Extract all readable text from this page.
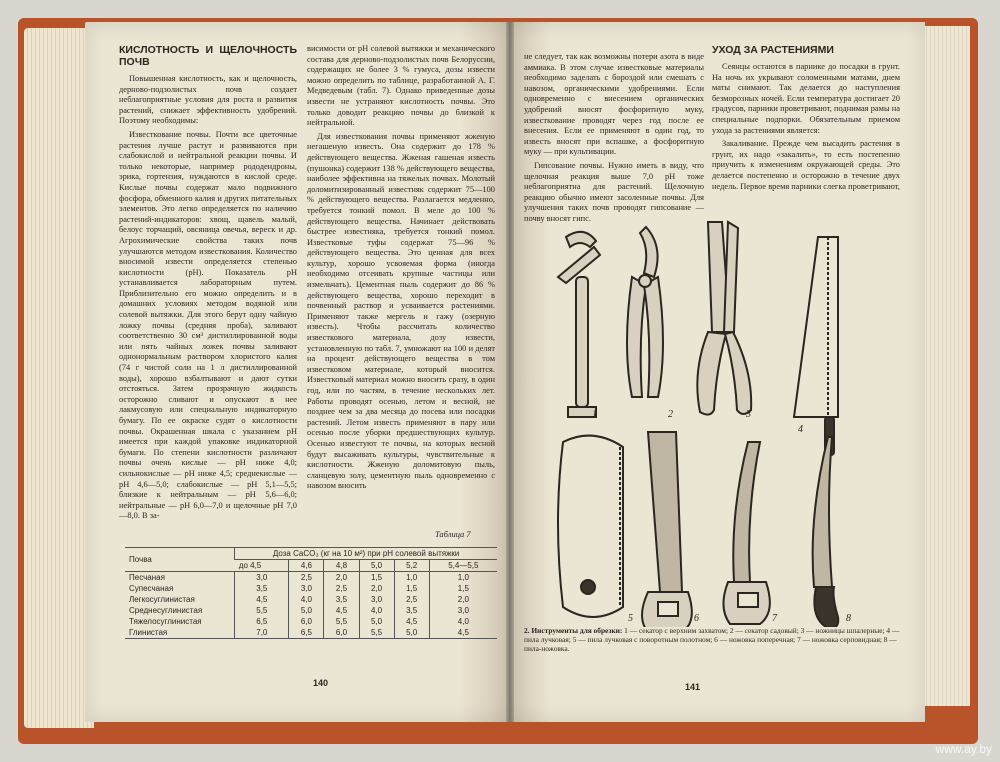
КИСЛОТНОСТЬ И ЩЕЛОЧНОСТЬ ПОЧВ

Повышенная кислотность, как и щелочность, дерново-подзолистых почв создает неблагоприятные условия для роста и развития растений, снижает эффективность удобрений. Поэтому необходимы:

Известкование почвы. Почти все цветочные растения лучше растут и развиваются при слабокислой и нейтральной реакции почвы. И только некоторые, например рододендроны, эрика, гортензия, нуждаются в кислой среде. Кислые почвы содержат мало подвижного фосфора, обменного калия и других питательных элементов. Это легко определяется по наличию растений-индикаторов: хвощ, щавель малый, белоус торчащий, овсяница овечья, вереск и др. Агрохимические свойства таких почв улучшаются методом известкования. Количество вносимой извести определяется степенью кислотности (pH). Показатель pH устанавливается лабораторным путем. Приблизительно его можно определить и в домашних условиях методом водяной или солевой вытяжки. Для этого берут одну чайную ложку почвы (средняя проба), заливают соответственно 30 см³ дистиллированной воды или пять чайных ложек почвы заливают однонормальным раствором хлористого калия (74 г чистой соли на 1 л дистиллированной воды), хорошо взбалтывают и дают сутки отстояться. Затем прозрачную жидкость осторожно сливают и опускают в нее лакмусовую или специальную индикаторную бумагу. По ее окраске судят о кислотности почвы. Окрашенная шкала с указанием pH имеется при каждой упаковке индикаторной бумаги. По степени кислотности различают почвы очень кислые — pH ниже 4,0; сильнокислые — pH ниже 4,5; среднекислые — pH 4,6—5,0; слабокислые — pH 5,1—5,5; близкие к нейтральным — pH 5,6—6,0; нейтральные — pH 6,0—7,0 и щелочные pH 7,0—8,0. В за-

висимости от pH солевой вытяжки и механического состава для дерново-подзолистых почв Белоруссии, содержащих не более 3 % гумуса, дозы извести можно определить по таблице, разработанной А. Г. Медведевым (табл. 7). Однако приведенные дозы извести не устраняют кислотность почвы. Это только доводит реакцию почвы до близкой к нейтральной.

Для известкования почвы применяют жженую негашеную известь. Она содержит до 178 % действующего вещества. Жженая гашеная известь (пушонка) содержит 138 % действующего вещества, наиболее эффективна на тяжелых почвах. Молотый доломитизированный известняк содержит 75—100 % действующего вещества. Разлагается медленно, требуется тонкий помол. В меле до 100 % действующего вещества. Начинает действовать быстрее известняка, требуется тонкий помол. Известковые туфы содержат 75—96 % действующего вещества. Это ценная для всех культур, хорошо усвояемая форма (иногда необходимо отсеивать крупные частицы или измельчать). Цементная пыль содержит до 86 % действующего вещества, хорошо переходит в почвенный раствор и усваивается растениями. Применяют также мергель и гажу (озерную известь). Чтобы рассчитать количество известкового материала, дозу извести, установленную по табл. 7, умножают на 100 и делят на процент действующего вещества в том известковом материале, который вносится. Известковый материал можно вносить сразу, в один год, или по частям, в течение нескольких лет. Работы проводят осенью, летом и весной, не позднее чем за два месяца до посева или посадки растений. Летом известь применяют в пару или осенью после уборки предшествующих культур. Осенью известуют те почвы, на которых весной будут высаживать культуры, чувствительные к кислотности. Жженую доломитовую пыль, сланцевую золу, цементную пыль одновременно с навозом вносить

Таблица 7
Почва	Доза CaCO₃ (кг на 10 м²) при pH солевой вытяжки					
	до 4,5	4,6	4,8	5,0	5,2	5,4—5,5
Песчаная	3,0	2,5	2,0	1,5	1,0	1,0
Супесчаная	3,5	3,0	2,5	2,0	1,5	1,5
Легкосуглинистая	4,5	4,0	3,5	3,0	2,5	2,0
Среднесуглинистая	5,5	5,0	4,5	4,0	3,5	3,0
Тяжелосуглинистая	6,5	6,0	5,5	5,0	4,5	4,0
Глинистая	7,0	6,5	6,0	5,5	5,0	4,5
140

не следует, так как возможны потери азота в виде аммиака. В этом случае известковые материалы необходимо заделать с бороздой или смешать с навозом, органическими удобрениями. Если одновременно с внесением органических удобрений вносят фосфоритную муку, известкование проводят через год после ее внесения. Если ее применяют в один год, то известь вносят при вспашке, а фосфоритную муку — при культивации.

Гипсование почвы. Нужно иметь в виду, что щелочная реакция выше 7,0 pH тоже неблагоприятна для растений. Щелочную реакцию обычно имеют засоленные почвы. Для улучшения таких почв проводят гипсование — почву вносят гипс.

УХОД ЗА РАСТЕНИЯМИ

Сеянцы остаются в парнике до посадки в грунт. На ночь их укрывают соломенными матами, днем маты снимают. Так делается до наступления безморозных ночей. Если температура достигает 20 градусов, парники проветривают, поднимая рамы на специальные подпорки. Обязательным приемом ухода за растениями является:

Закаливание. Прежде чем высадить растения в грунт, их надо «закалить», то есть постепенно приучить к изменениям окружающей среды. Это делается постепенно и осторожно в течение двух недель. Первое время парники слегка проветривают,

4
1	2	3
5	6	7	8
2. Инструменты для обрезки: 1 — секатор с верхним захватом; 2 — секатор садовый; 3 — ножницы шпалерные; 4 — пила лучковая; 5 — пила лучковая с поворотным полотном; 6 — ножовка поперечная; 7 — ножовка серповидная; 8 — пила-ножовка.
141
www.ay.by
